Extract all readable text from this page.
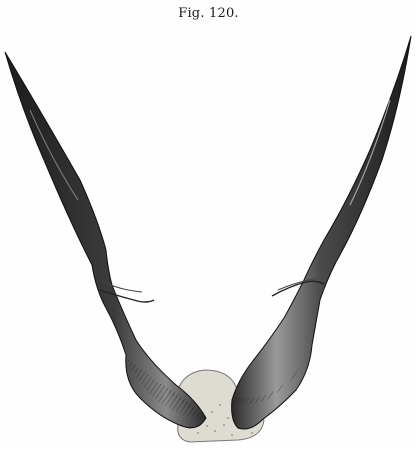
Fig. 120.
